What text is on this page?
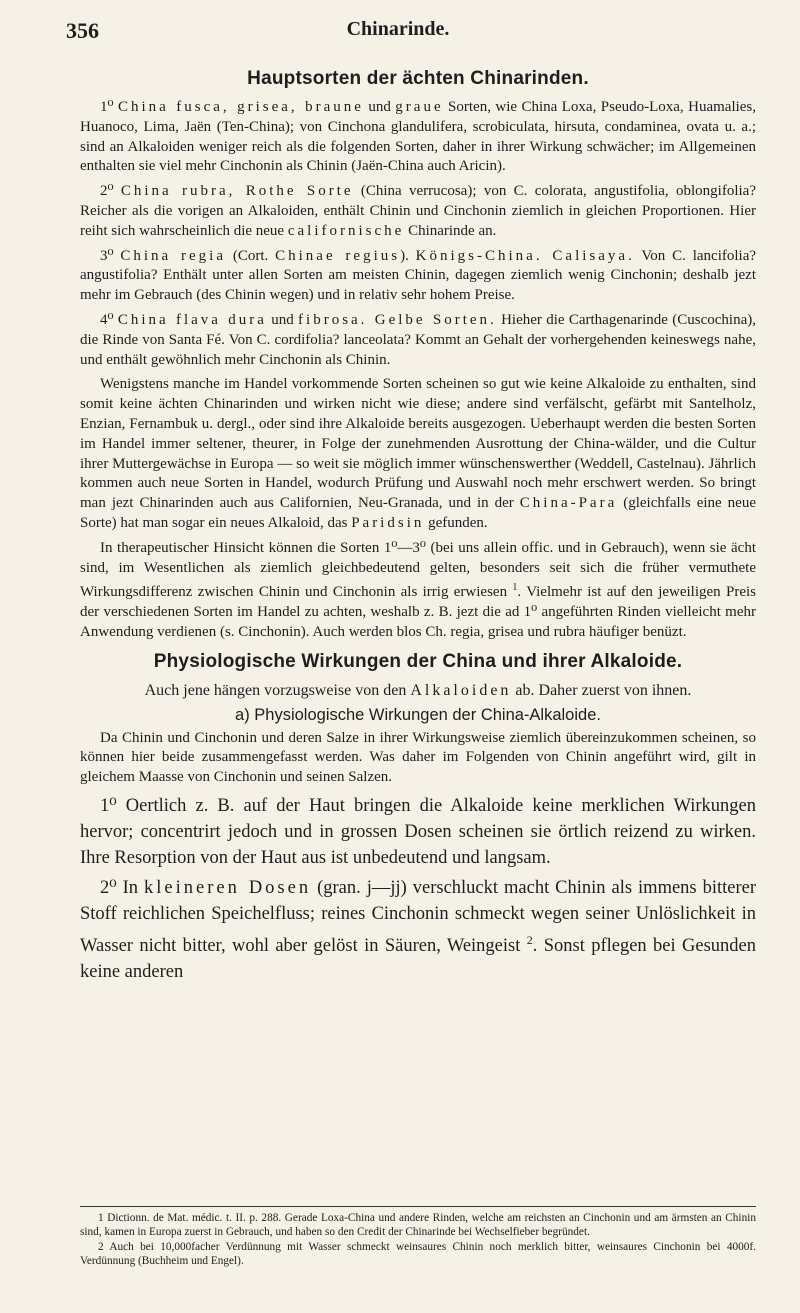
356	Chinarinde.
Hauptsorten der ächten Chinarinden.

1⁰ China fusca, grisea, braune und graue Sorten, wie China Loxa, Pseudo-Loxa, Huamalies, Huanoco, Lima, Jaën (Ten-China); von Cinchona glandulifera, scrobiculata, hirsuta, condaminea, ovata u. a.; sind an Alkaloiden weniger reich als die folgenden Sorten, daher in ihrer Wirkung schwächer; im Allgemeinen enthalten sie viel mehr Cinchonin als Chinin (Jaën-China auch Aricin).

2⁰ China rubra, Rothe Sorte (China verrucosa); von C. colorata, angustifolia, oblongifolia? Reicher als die vorigen an Alkaloiden, enthält Chinin und Cinchonin ziemlich in gleichen Proportionen. Hier reiht sich wahrscheinlich die neue californische Chinarinde an.

3⁰ China regia (Cort. Chinae regius). Königs-China. Calisaya. Von C. lancifolia? angustifolia? Enthält unter allen Sorten am meisten Chinin, dagegen ziemlich wenig Cinchonin; deshalb jezt mehr im Gebrauch (des Chinin wegen) und in relativ sehr hohem Preise.

4⁰ China flava dura und fibrosa. Gelbe Sorten. Hieher die Carthagenarinde (Cuscochina), die Rinde von Santa Fé. Von C. cordifolia? lanceolata? Kommt an Gehalt der vorhergehenden keineswegs nahe, und enthält gewöhnlich mehr Cinchonin als Chinin.

Wenigstens manche im Handel vorkommende Sorten scheinen so gut wie keine Alkaloide zu enthalten, sind somit keine ächten Chinarinden und wirken nicht wie diese; andere sind verfälscht, gefärbt mit Santelholz, Enzian, Fernambuk u. dergl., oder sind ihre Alkaloide bereits ausgezogen. Ueberhaupt werden die besten Sorten im Handel immer seltener, theurer, in Folge der zunehmenden Ausrottung der China-wälder, und die Cultur ihrer Muttergewächse in Europa — so weit sie möglich immer wünschenswerther (Weddell, Castelnau). Jährlich kommen auch neue Sorten in Handel, wodurch Prüfung und Auswahl noch mehr erschwert werden. So bringt man jezt Chinarinden auch aus Californien, Neu-Granada, und in der China-Para (gleichfalls eine neue Sorte) hat man sogar ein neues Alkaloid, das Paridsin gefunden.

In therapeutischer Hinsicht können die Sorten 1⁰—3⁰ (bei uns allein offic. und in Gebrauch), wenn sie ächt sind, im Wesentlichen als ziemlich gleichbedeutend gelten, besonders seit sich die früher vermuthete Wirkungsdifferenz zwischen Chinin und Cinchonin als irrig erwiesen $^1$. Vielmehr ist auf den jeweiligen Preis der verschiedenen Sorten im Handel zu achten, weshalb z. B. jezt die ad 1⁰ angeführten Rinden vielleicht mehr Anwendung verdienen (s. Cinchonin). Auch werden blos Ch. regia, grisea und rubra häufiger benüzt.

Physiologische Wirkungen der China und ihrer Alkaloide.

Auch jene hängen vorzugsweise von den Alkaloiden ab. Daher zuerst von ihnen.

a) Physiologische Wirkungen der China-Alkaloide.

Da Chinin und Cinchonin und deren Salze in ihrer Wirkungsweise ziemlich übereinzukommen scheinen, so können hier beide zusammengefasst werden. Was daher im Folgenden von Chinin angeführt wird, gilt in gleichem Maasse von Cinchonin und seinen Salzen.

1⁰ Oertlich z. B. auf der Haut bringen die Alkaloide keine merklichen Wirkungen hervor; concentrirt jedoch und in grossen Dosen scheinen sie örtlich reizend zu wirken. Ihre Resorption von der Haut aus ist unbedeutend und langsam.

2⁰ In kleineren Dosen (gran. j—jj) verschluckt macht Chinin als immens bitterer Stoff reichlichen Speichelfluss; reines Cinchonin schmeckt wegen seiner Unlöslichkeit in Wasser nicht bitter, wohl aber gelöst in Säuren, Weingeist $^2$. Sonst pflegen bei Gesunden keine anderen

1 Dictionn. de Mat. médic. t. II. p. 288. Gerade Loxa-China und andere Rinden, welche am reichsten an Cinchonin und am ärmsten an Chinin sind, kamen in Europa zuerst in Gebrauch, und haben so den Credit der Chinarinde bei Wechselfieber begründet.

2 Auch bei 10,000facher Verdünnung mit Wasser schmeckt weinsaures Chinin noch merklich bitter, weinsaures Cinchonin bei 4000f. Verdünnung (Buchheim und Engel).
